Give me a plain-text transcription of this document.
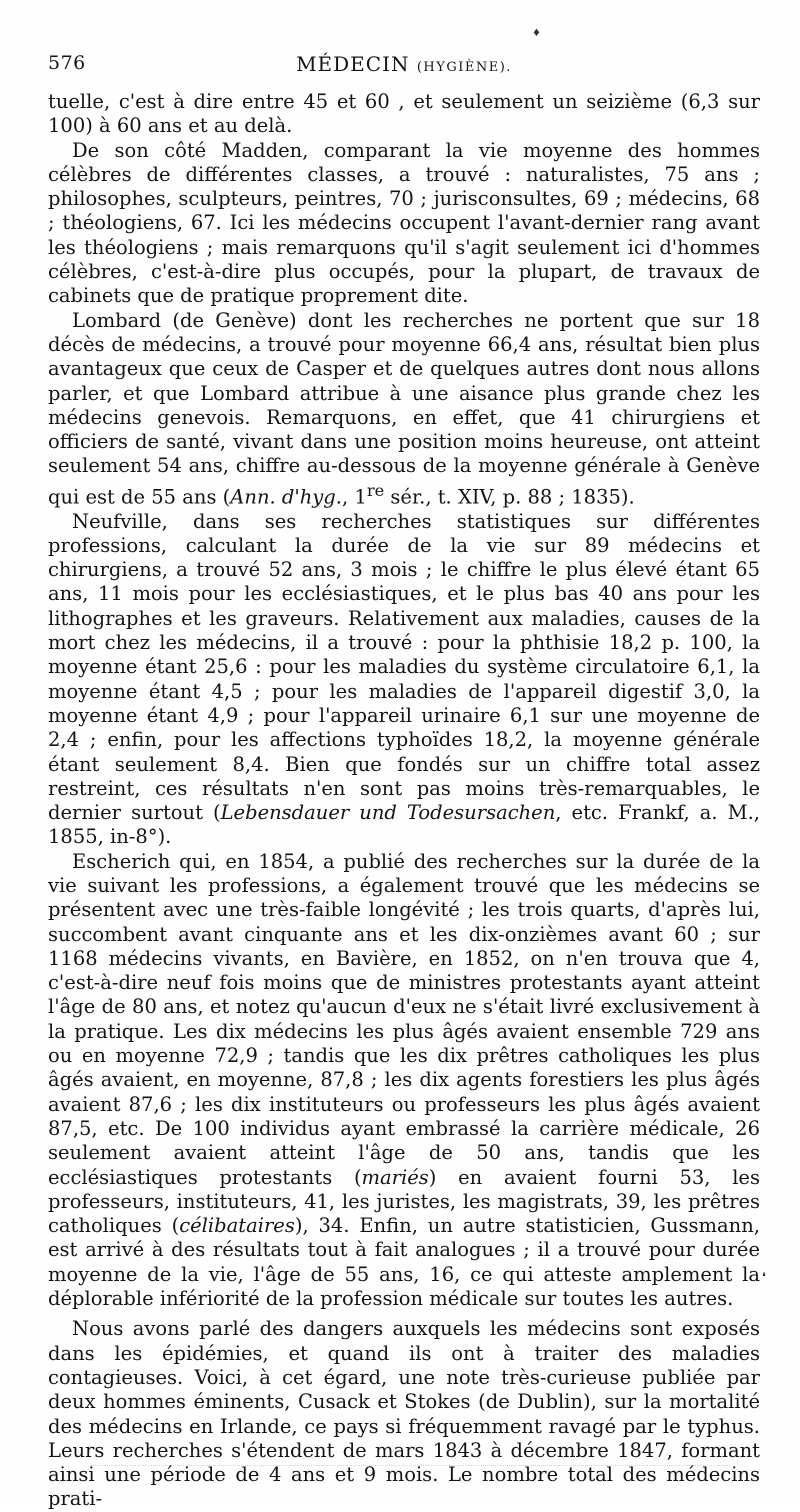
♦
576	MÉDECIN (HYGIÈNE).

tuelle, c'est à dire entre 45 et 60 , et seulement un seizième (6,3 sur 100) à 60 ans et au delà.

De son côté Madden, comparant la vie moyenne des hommes célèbres de différentes classes, a trouvé : naturalistes, 75 ans ; philosophes, sculpteurs, peintres, 70 ; jurisconsultes, 69 ; médecins, 68 ; théologiens, 67. Ici les médecins occupent l'avant-dernier rang avant les théologiens ; mais remarquons qu'il s'agit seulement ici d'hommes célèbres, c'est-à-dire plus occupés, pour la plupart, de travaux de cabinets que de pratique proprement dite.

Lombard (de Genève) dont les recherches ne portent que sur 18 décès de médecins, a trouvé pour moyenne 66,4 ans, résultat bien plus avantageux que ceux de Casper et de quelques autres dont nous allons parler, et que Lombard attribue à une aisance plus grande chez les médecins genevois. Remarquons, en effet, que 41 chirurgiens et officiers de santé, vivant dans une position moins heureuse, ont atteint seulement 54 ans, chiffre au-dessous de la moyenne générale à Genève qui est de 55 ans (Ann. d'hyg., 1re sér., t. XIV, p. 88 ; 1835).

Neufville, dans ses recherches statistiques sur différentes professions, calculant la durée de la vie sur 89 médecins et chirurgiens, a trouvé 52 ans, 3 mois ; le chiffre le plus élevé étant 65 ans, 11 mois pour les ecclésiastiques, et le plus bas 40 ans pour les lithographes et les graveurs. Relativement aux maladies, causes de la mort chez les médecins, il a trouvé : pour la phthisie 18,2 p. 100, la moyenne étant 25,6 : pour les maladies du système circulatoire 6,1, la moyenne étant 4,5 ; pour les maladies de l'appareil digestif 3,0, la moyenne étant 4,9 ; pour l'appareil urinaire 6,1 sur une moyenne de 2,4 ; enfin, pour les affections typhoïdes 18,2, la moyenne générale étant seulement 8,4. Bien que fondés sur un chiffre total assez restreint, ces résultats n'en sont pas moins très-remarquables, le dernier surtout (Lebensdauer und Todesursachen, etc. Frankf, a. M., 1855, in-8°).

Escherich qui, en 1854, a publié des recherches sur la durée de la vie suivant les professions, a également trouvé que les médecins se présentent avec une très-faible longévité ; les trois quarts, d'après lui, succombent avant cinquante ans et les dix-onzièmes avant 60 ; sur 1168 médecins vivants, en Bavière, en 1852, on n'en trouva que 4, c'est-à-dire neuf fois moins que de ministres protestants ayant atteint l'âge de 80 ans, et notez qu'aucun d'eux ne s'était livré exclusivement à la pratique. Les dix médecins les plus âgés avaient ensemble 729 ans ou en moyenne 72,9 ; tandis que les dix prêtres catholiques les plus âgés avaient, en moyenne, 87,8 ; les dix agents forestiers les plus âgés avaient 87,6 ; les dix instituteurs ou professeurs les plus âgés avaient 87,5, etc. De 100 individus ayant embrassé la carrière médicale, 26 seulement avaient atteint l'âge de 50 ans, tandis que les ecclésiastiques protestants (mariés) en avaient fourni 53, les professeurs, instituteurs, 41, les juristes, les magistrats, 39, les prêtres catholiques (célibataires), 34. Enfin, un autre statisticien, Gussmann, est arrivé à des résultats tout à fait analogues ; il a trouvé pour durée moyenne de la vie, l'âge de 55 ans, 16, ce qui atteste amplement la déplorable infériorité de la profession médicale sur toutes les autres.

Nous avons parlé des dangers auxquels les médecins sont exposés dans les épidémies, et quand ils ont à traiter des maladies contagieuses. Voici, à cet égard, une note très-curieuse publiée par deux hommes éminents, Cusack et Stokes (de Dublin), sur la mortalité des médecins en Irlande, ce pays si fréquemment ravagé par le typhus. Leurs recherches s'étendent de mars 1843 à décembre 1847, formant ainsi une période de 4 ans et 9 mois. Le nombre total des médecins prati-

❛
